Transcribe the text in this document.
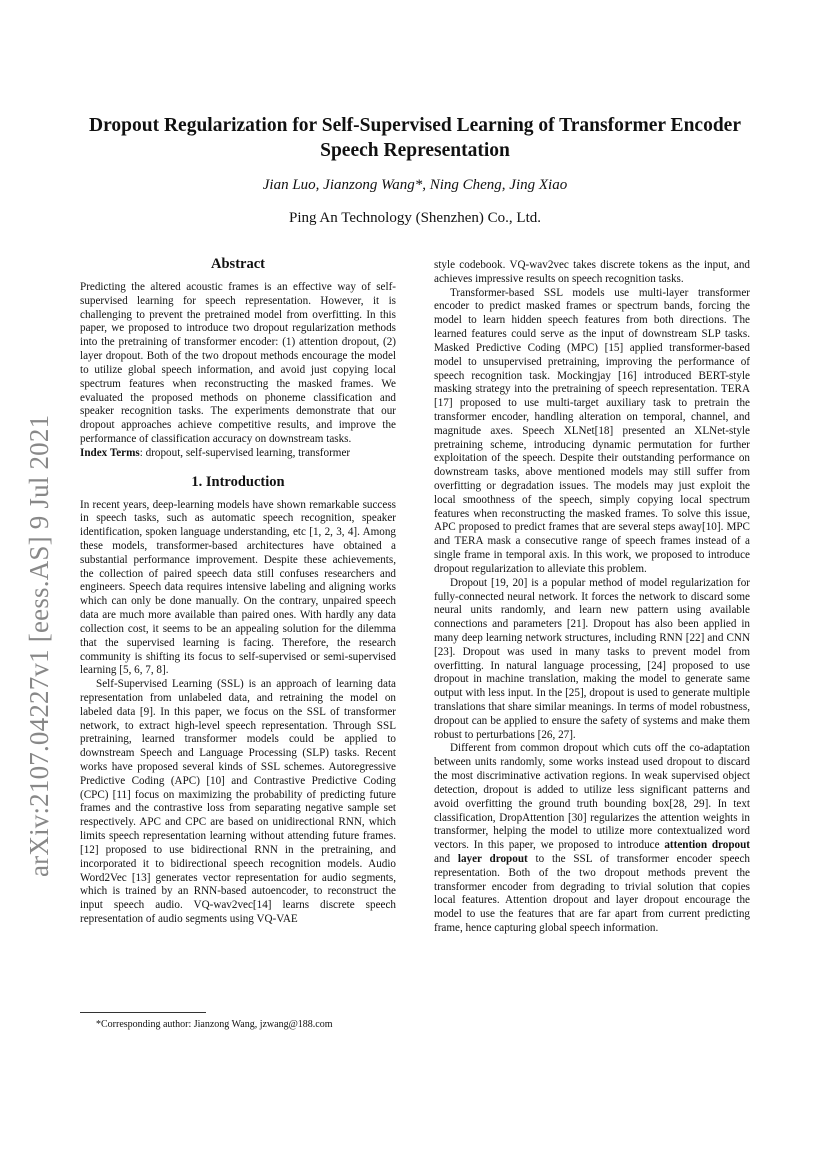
Dropout Regularization for Self-Supervised Learning of Transformer Encoder Speech Representation
Jian Luo, Jianzong Wang*, Ning Cheng, Jing Xiao
Ping An Technology (Shenzhen) Co., Ltd.
arXiv:2107.04227v1 [eess.AS] 9 Jul 2021
Abstract

Predicting the altered acoustic frames is an effective way of self-supervised learning for speech representation. However, it is challenging to prevent the pretrained model from overfitting. In this paper, we proposed to introduce two dropout regularization methods into the pretraining of transformer encoder: (1) attention dropout, (2) layer dropout. Both of the two dropout methods encourage the model to utilize global speech information, and avoid just copying local spectrum features when reconstructing the masked frames. We evaluated the proposed methods on phoneme classification and speaker recognition tasks. The experiments demonstrate that our dropout approaches achieve competitive results, and improve the performance of classification accuracy on downstream tasks.

Index Terms: dropout, self-supervised learning, transformer

1. Introduction

In recent years, deep-learning models have shown remarkable success in speech tasks, such as automatic speech recognition, speaker identification, spoken language understanding, etc [1, 2, 3, 4]. Among these models, transformer-based architectures have obtained a substantial performance improvement. Despite these achievements, the collection of paired speech data still confuses researchers and engineers. Speech data requires intensive labeling and aligning works which can only be done manually. On the contrary, unpaired speech data are much more available than paired ones. With hardly any data collection cost, it seems to be an appealing solution for the dilemma that the supervised learning is facing. Therefore, the research community is shifting its focus to self-supervised or semi-supervised learning [5, 6, 7, 8].

Self-Supervised Learning (SSL) is an approach of learning data representation from unlabeled data, and retraining the model on labeled data [9]. In this paper, we focus on the SSL of transformer network, to extract high-level speech representation. Through SSL pretraining, learned transformer models could be applied to downstream Speech and Language Processing (SLP) tasks. Recent works have proposed several kinds of SSL schemes. Autoregressive Predictive Coding (APC) [10] and Contrastive Predictive Coding (CPC) [11] focus on maximizing the probability of predicting future frames and the contrastive loss from separating negative sample set respectively. APC and CPC are based on unidirectional RNN, which limits speech representation learning without attending future frames. [12] proposed to use bidirectional RNN in the pretraining, and incorporated it to bidirectional speech recognition models. Audio Word2Vec [13] generates vector representation for audio segments, which is trained by an RNN-based autoencoder, to reconstruct the input speech audio. VQ-wav2vec[14] learns discrete speech representation of audio segments using VQ-VAE

style codebook. VQ-wav2vec takes discrete tokens as the input, and achieves impressive results on speech recognition tasks.

Transformer-based SSL models use multi-layer transformer encoder to predict masked frames or spectrum bands, forcing the model to learn hidden speech features from both directions. The learned features could serve as the input of downstream SLP tasks. Masked Predictive Coding (MPC) [15] applied transformer-based model to unsupervised pretraining, improving the performance of speech recognition task. Mockingjay [16] introduced BERT-style masking strategy into the pretraining of speech representation. TERA [17] proposed to use multi-target auxiliary task to pretrain the transformer encoder, handling alteration on temporal, channel, and magnitude axes. Speech XLNet[18] presented an XLNet-style pretraining scheme, introducing dynamic permutation for further exploitation of the speech. Despite their outstanding performance on downstream tasks, above mentioned models may still suffer from overfitting or degradation issues. The models may just exploit the local smoothness of the speech, simply copying local spectrum features when reconstructing the masked frames. To solve this issue, APC proposed to predict frames that are several steps away[10]. MPC and TERA mask a consecutive range of speech frames instead of a single frame in temporal axis. In this work, we proposed to introduce dropout regularization to alleviate this problem.

Dropout [19, 20] is a popular method of model regularization for fully-connected neural network. It forces the network to discard some neural units randomly, and learn new pattern using available connections and parameters [21]. Dropout has also been applied in many deep learning network structures, including RNN [22] and CNN [23]. Dropout was used in many tasks to prevent model from overfitting. In natural language processing, [24] proposed to use dropout in machine translation, making the model to generate same output with less input. In the [25], dropout is used to generate multiple translations that share similar meanings. In terms of model robustness, dropout can be applied to ensure the safety of systems and make them robust to perturbations [26, 27].

Different from common dropout which cuts off the co-adaptation between units randomly, some works instead used dropout to discard the most discriminative activation regions. In weak supervised object detection, dropout is added to utilize less significant patterns and avoid overfitting the ground truth bounding box[28, 29]. In text classification, DropAttention [30] regularizes the attention weights in transformer, helping the model to utilize more contextualized word vectors. In this paper, we proposed to introduce attention dropout and layer dropout to the SSL of transformer encoder speech representation. Both of the two dropout methods prevent the transformer encoder from degrading to trivial solution that copies local features. Attention dropout and layer dropout encourage the model to use the features that are far apart from current predicting frame, hence capturing global speech information.

*Corresponding author: Jianzong Wang, jzwang@188.com
